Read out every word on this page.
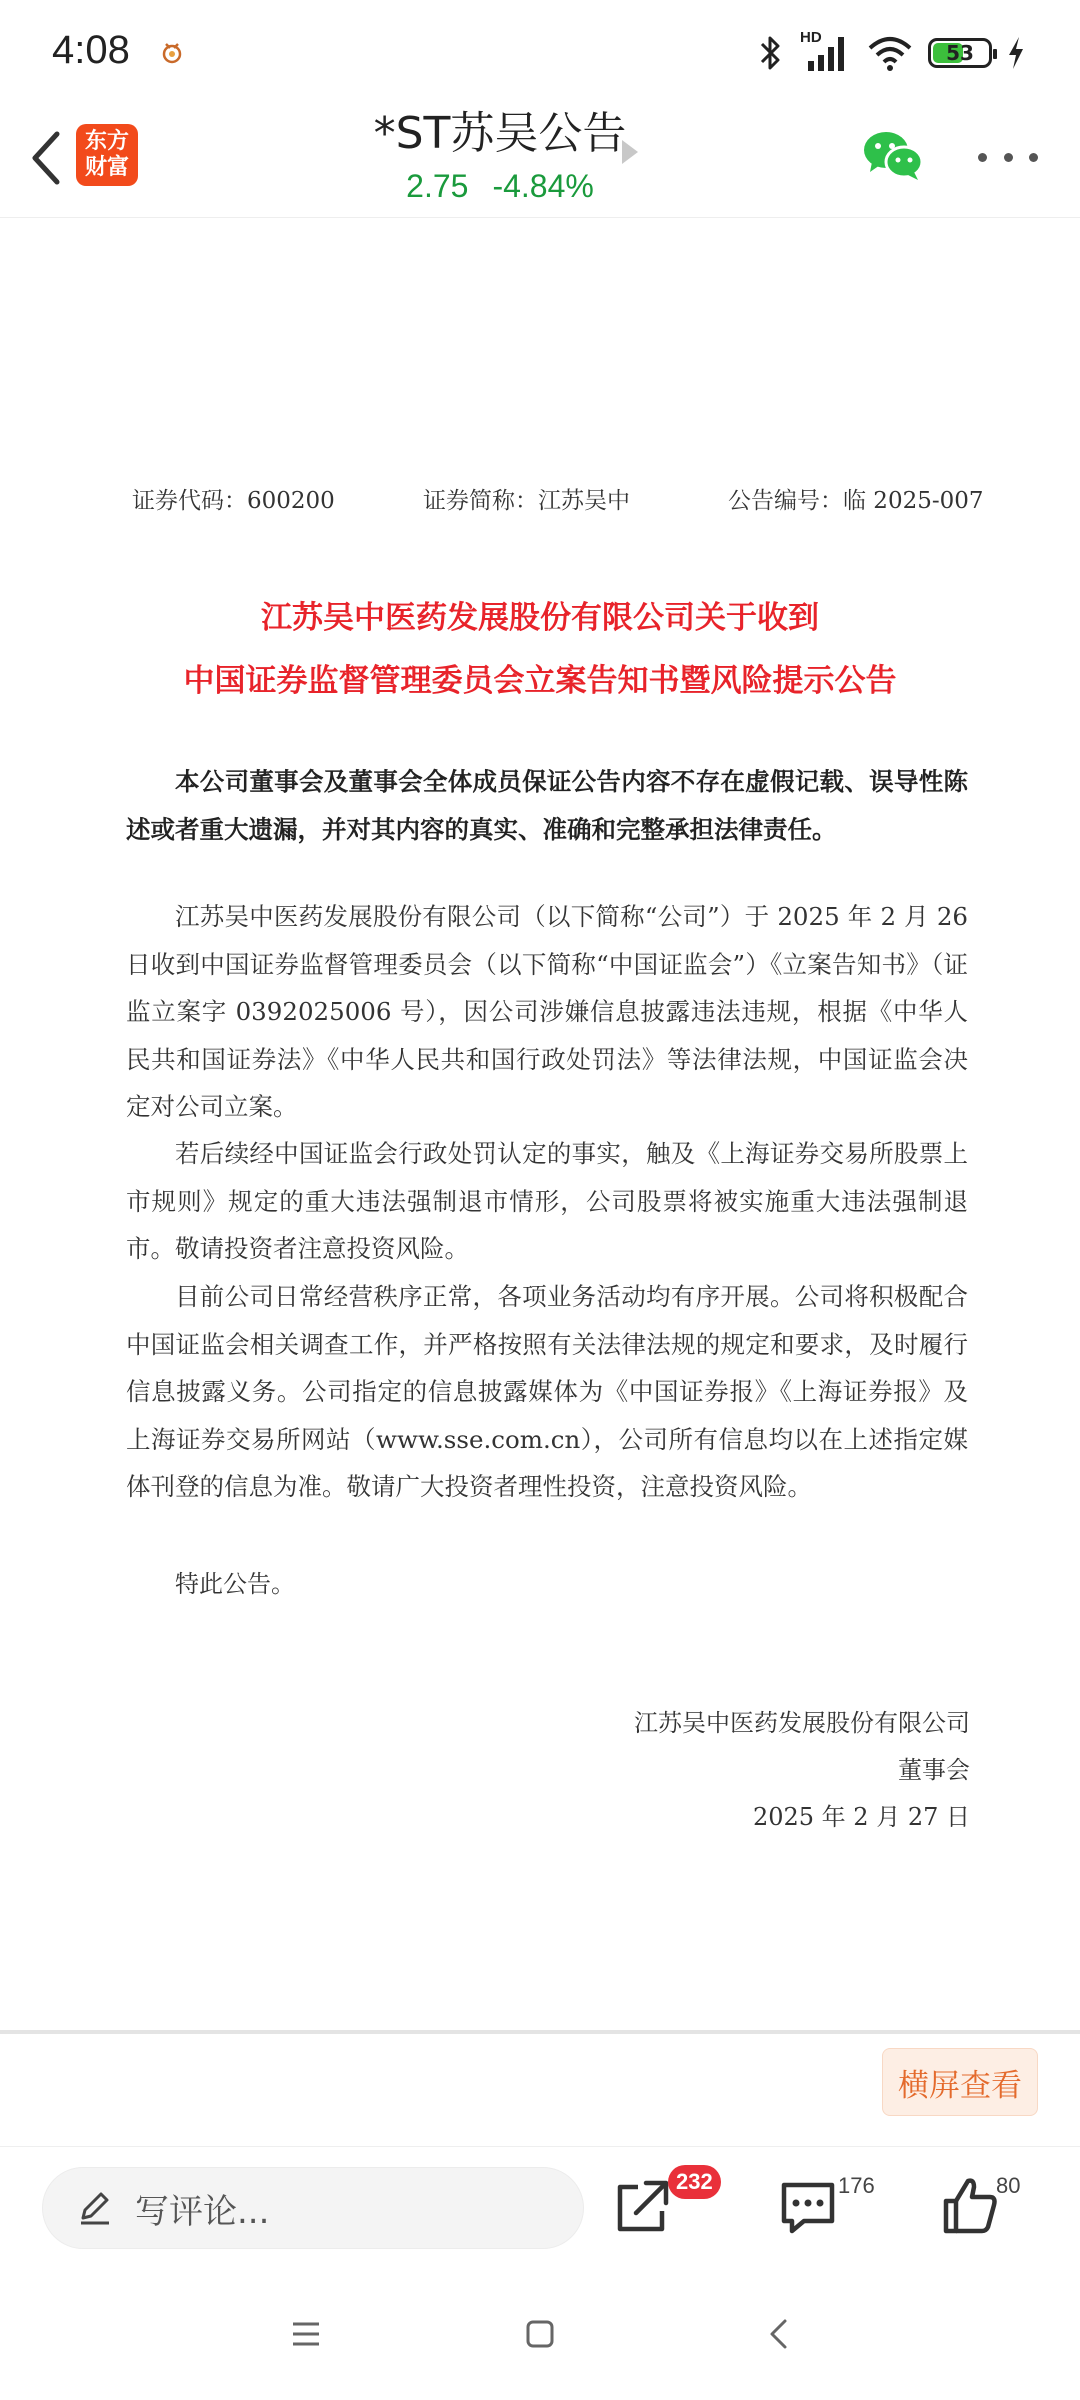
4:08	HD
53
东方
财富
*ST苏吴公告
2.75 -4.84%
证券代码：600200	证券简称：江苏吴中	公告编号：临 2025-007
江苏吴中医药发展股份有限公司关于收到
中国证券监督管理委员会立案告知书暨风险提示公告
本公司董事会及董事会全体成员保证公告内容不存在虚假记载、误导性陈述或者重大遗漏，并对其内容的真实、准确和完整承担法律责任。
江苏吴中医药发展股份有限公司（以下简称“公司”）于 2025 年 2 月 26 日收到中国证券监督管理委员会（以下简称“中国证监会”）《立案告知书》（证监立案字 0392025006 号），因公司涉嫌信息披露违法违规，根据《中华人民共和国证券法》《中华人民共和国行政处罚法》等法律法规，中国证监会决定对公司立案。
若后续经中国证监会行政处罚认定的事实，触及《上海证券交易所股票上市规则》规定的重大违法强制退市情形，公司股票将被实施重大违法强制退市。敬请投资者注意投资风险。
目前公司日常经营秩序正常，各项业务活动均有序开展。公司将积极配合中国证监会相关调查工作，并严格按照有关法律法规的规定和要求，及时履行信息披露义务。公司指定的信息披露媒体为《中国证券报》《上海证券报》及上海证券交易所网站（www.sse.com.cn），公司所有信息均以在上述指定媒体刊登的信息为准。敬请广大投资者理性投资，注意投资风险。
特此公告。
江苏吴中医药发展股份有限公司
董事会
2025 年 2 月 27 日
横屏查看
写评论...
232	176	80
